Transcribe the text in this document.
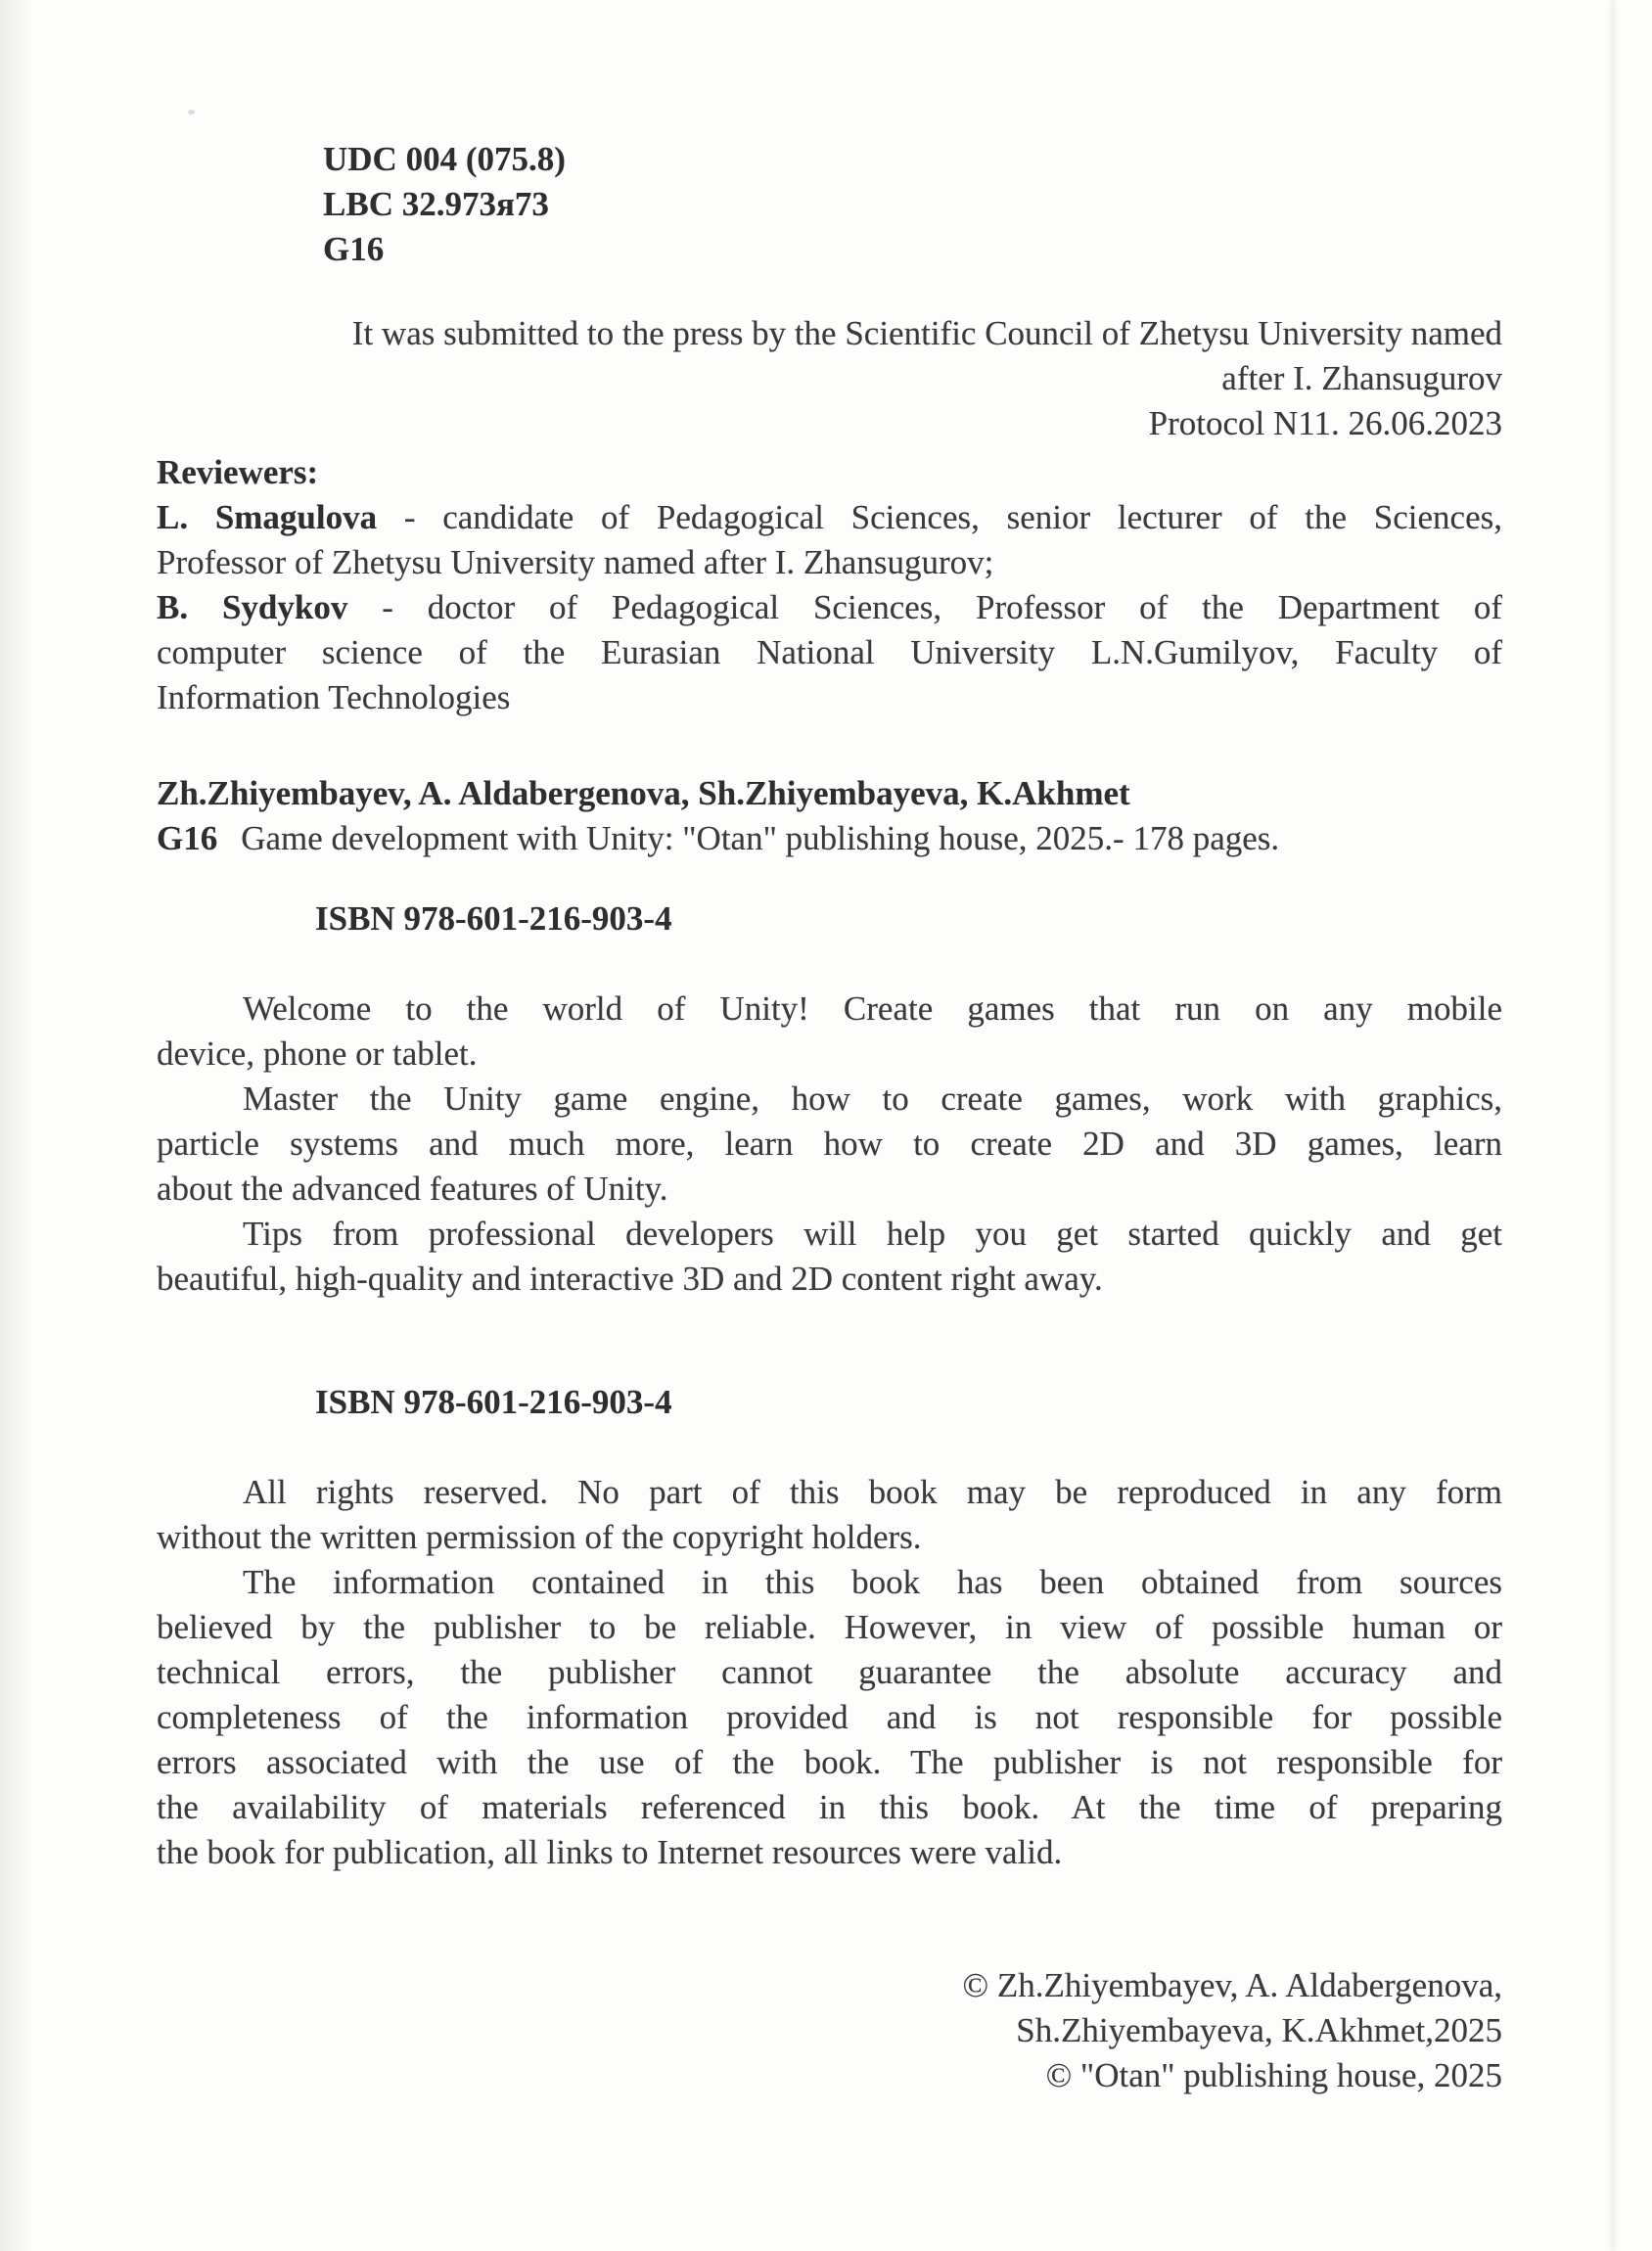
UDC 004 (075.8)
LBC 32.973я73
G16
It was submitted to the press by the Scientific Council of Zhetysu University named
after I. Zhansugurov
Protocol N11. 26.06.2023
Reviewers:
L. Smagulova - candidate of Pedagogical Sciences, senior lecturer of the Sciences,
Professor of Zhetysu University named after I. Zhansugurov;
B. Sydykov - doctor of Pedagogical Sciences, Professor of the Department of
computer science of the Eurasian National University L.N.Gumilyov, Faculty of
Information Technologies
Zh.Zhiyembayev, A. Aldabergenova, Sh.Zhiyembayeva, K.Akhmet
G16 Game development with Unity: "Otan" publishing house, 2025.- 178 pages.
ISBN 978-601-216-903-4
Welcome to the world of Unity! Create games that run on any mobile
device, phone or tablet.
Master the Unity game engine, how to create games, work with graphics,
particle systems and much more, learn how to create 2D and 3D games, learn
about the advanced features of Unity.
Tips from professional developers will help you get started quickly and get
beautiful, high-quality and interactive 3D and 2D content right away.
ISBN 978-601-216-903-4
All rights reserved. No part of this book may be reproduced in any form
without the written permission of the copyright holders.
The information contained in this book has been obtained from sources
believed by the publisher to be reliable. However, in view of possible human or
technical errors, the publisher cannot guarantee the absolute accuracy and
completeness of the information provided and is not responsible for possible
errors associated with the use of the book. The publisher is not responsible for
the availability of materials referenced in this book. At the time of preparing
the book for publication, all links to Internet resources were valid.
© Zh.Zhiyembayev, A. Aldabergenova,
Sh.Zhiyembayeva, K.Akhmet,2025
© "Otan" publishing house, 2025
